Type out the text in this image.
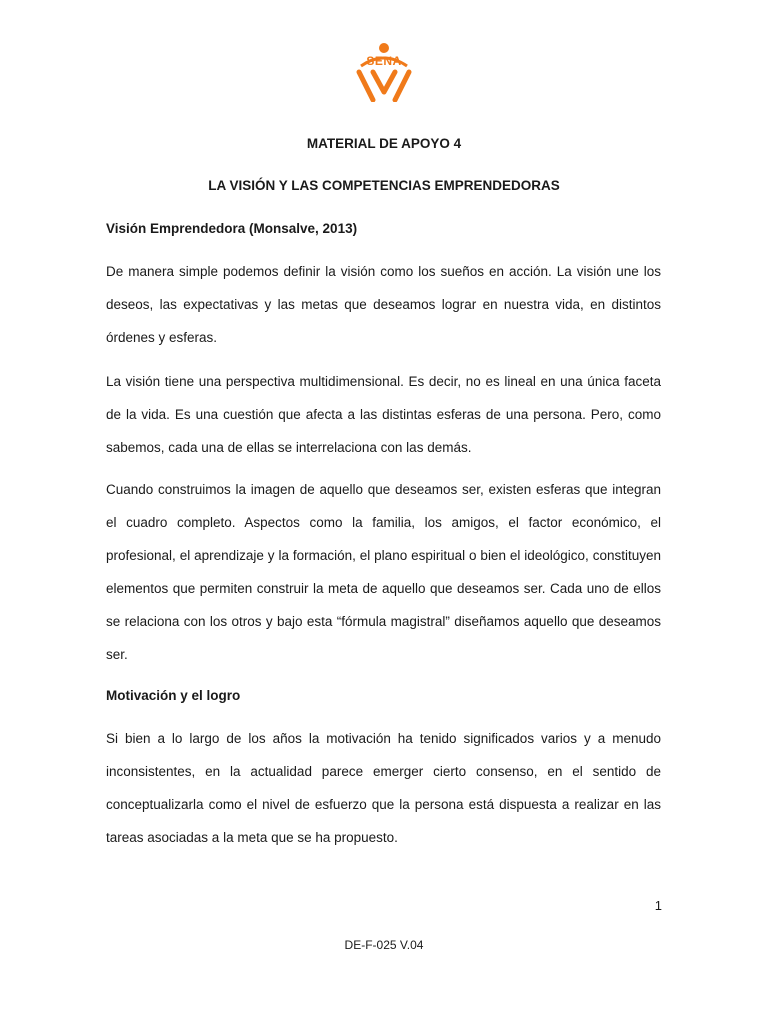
SENA
MATERIAL DE APOYO 4
LA VISIÓN Y LAS COMPETENCIAS EMPRENDEDORAS
Visión Emprendedora (Monsalve, 2013)

De manera simple podemos definir la visión como los sueños en acción. La visión une los deseos, las expectativas y las metas que deseamos lograr en nuestra vida, en distintos órdenes y esferas.

La visión tiene una perspectiva multidimensional. Es decir, no es lineal en una única faceta de la vida. Es una cuestión que afecta a las distintas esferas de una persona. Pero, como sabemos, cada una de ellas se interrelaciona con las demás.

Cuando construimos la imagen de aquello que deseamos ser, existen esferas que integran el cuadro completo. Aspectos como la familia, los amigos, el factor económico, el profesional, el aprendizaje y la formación, el plano espiritual o bien el ideológico, constituyen elementos que permiten construir la meta de aquello que deseamos ser. Cada uno de ellos se relaciona con los otros y bajo esta “fórmula magistral” diseñamos aquello que deseamos ser.

Motivación y el logro

Si bien a lo largo de los años la motivación ha tenido significados varios y a menudo inconsistentes, en la actualidad parece emerger cierto consenso, en el sentido de conceptualizarla como el nivel de esfuerzo que la persona está dispuesta a realizar en las tareas asociadas a la meta que se ha propuesto.

1
DE-F-025 V.04
